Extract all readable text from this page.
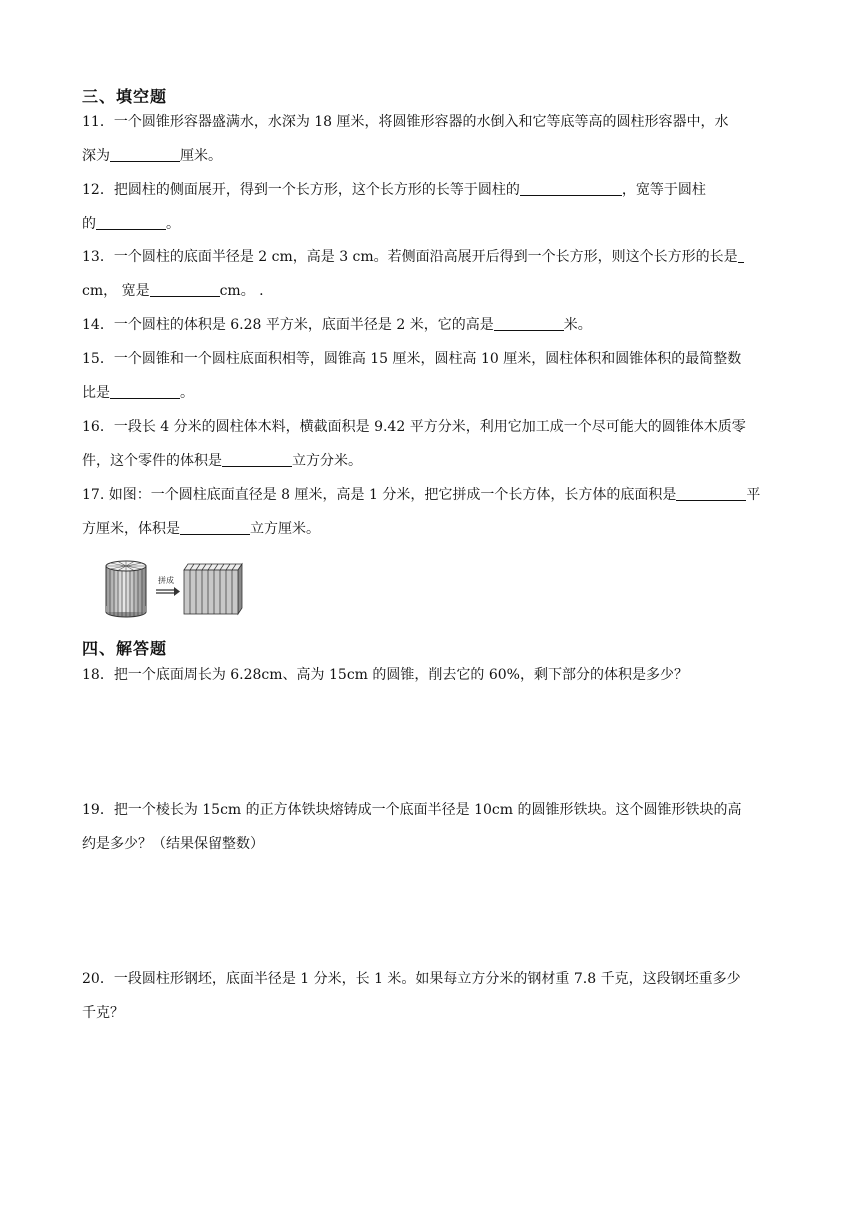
三、填空题
11．一个圆锥形容器盛满水，水深为 18 厘米，将圆锥形容器的水倒入和它等底等高的圆柱形容器中，水
深为	厘米。
12．把圆柱的侧面展开，得到一个长方形，这个长方形的长等于圆柱的	，宽等于圆柱
的	。
13．一个圆柱的底面半径是 2 cm，高是 3 cm。若侧面沿高展开后得到一个长方形，则这个长方形的长是
cm， 宽是	cm。 .
14．一个圆柱的体积是 6.28 平方米，底面半径是 2 米，它的高是	米。
15．一个圆锥和一个圆柱底面积相等，圆锥高 15 厘米，圆柱高 10 厘米，圆柱体积和圆锥体积的最简整数
比是	。
16．一段长 4 分米的圆柱体木料，横截面积是 9.42 平方分米，利用它加工成一个尽可能大的圆锥体木质零
件，这个零件的体积是	立方分米。
17. 如图：一个圆柱底面直径是 8 厘米，高是 1 分米，把它拼成一个长方体，长方体的底面积是	平
方厘米，体积是	立方厘米。
拼成
四、解答题
18．把一个底面周长为 6.28cm、高为 15cm 的圆锥，削去它的 60%，剩下部分的体积是多少？
19．把一个棱长为 15cm 的正方体铁块熔铸成一个底面半径是 10cm 的圆锥形铁块。这个圆锥形铁块的高
约是多少？（结果保留整数）
20．一段圆柱形钢坯，底面半径是 1 分米，长 1 米。如果每立方分米的钢材重 7.8 千克，这段钢坯重多少
千克？
